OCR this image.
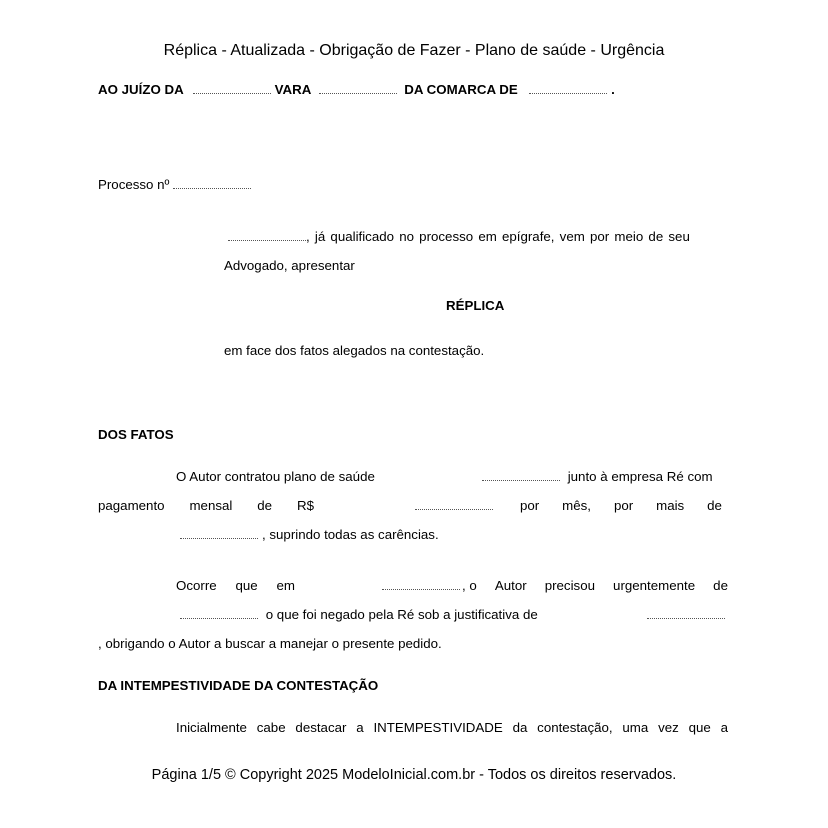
Réplica - Atualizada - Obrigação de Fazer - Plano de saúde - Urgência
AO JUÍZO DA	VARA	DA COMARCA DE	.
Processo nº
, já qualificado no processo em epígrafe, vem por meio de seu
Advogado, apresentar
RÉPLICA
em face dos fatos alegados na contestação.
DOS FATOS
O Autor contratou plano de saúde	junto à empresa Ré com
pagamento mensal de R$	por mês, por mais de
, suprindo todas as carências.
Ocorre que em	, o Autor precisou urgentemente de
o que foi negado pela Ré sob a justificativa de
, obrigando o Autor a buscar a manejar o presente pedido.
DA INTEMPESTIVIDADE DA CONTESTAÇÃO
Inicialmente cabe destacar a INTEMPESTIVIDADE da contestação, uma vez que a
Página 1/5 © Copyright 2025 ModeloInicial.com.br - Todos os direitos reservados.
